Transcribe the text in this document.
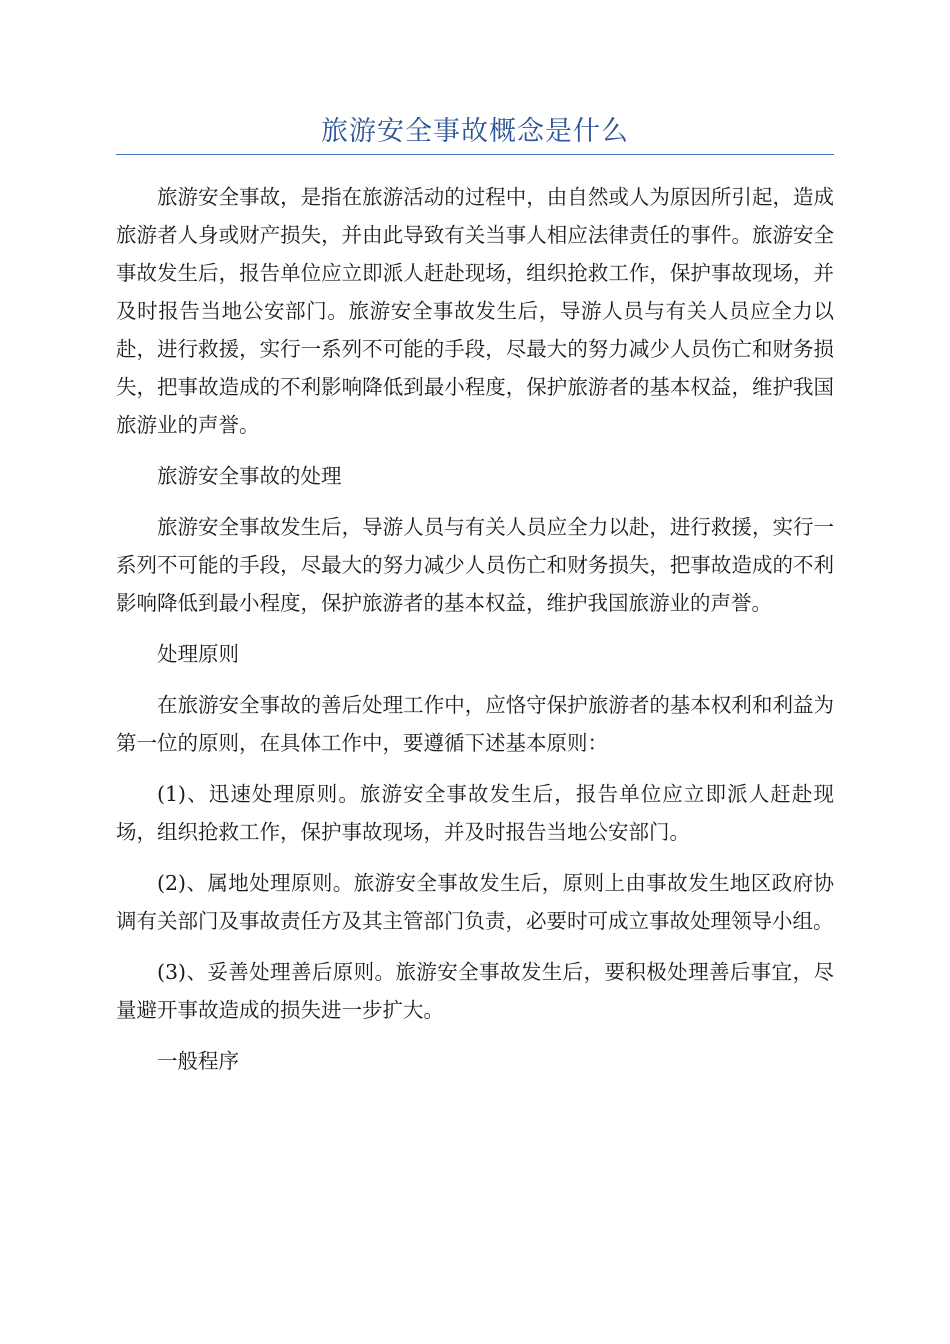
旅游安全事故概念是什么

旅游安全事故，是指在旅游活动的过程中，由自然或人为原因所引起，造成旅游者人身或财产损失，并由此导致有关当事人相应法律责任的事件。旅游安全事故发生后，报告单位应立即派人赶赴现场，组织抢救工作，保护事故现场，并及时报告当地公安部门。旅游安全事故发生后，导游人员与有关人员应全力以赴，进行救援，实行一系列不可能的手段，尽最大的努力减少人员伤亡和财务损失，把事故造成的不利影响降低到最小程度，保护旅游者的基本权益，维护我国旅游业的声誉。

旅游安全事故的处理

旅游安全事故发生后，导游人员与有关人员应全力以赴，进行救援，实行一系列不可能的手段，尽最大的努力减少人员伤亡和财务损失，把事故造成的不利影响降低到最小程度，保护旅游者的基本权益，维护我国旅游业的声誉。

处理原则

在旅游安全事故的善后处理工作中，应恪守保护旅游者的基本权利和利益为第一位的原则，在具体工作中，要遵循下述基本原则：

(1)、迅速处理原则。旅游安全事故发生后，报告单位应立即派人赶赴现场，组织抢救工作，保护事故现场，并及时报告当地公安部门。

(2)、属地处理原则。旅游安全事故发生后，原则上由事故发生地区政府协调有关部门及事故责任方及其主管部门负责，必要时可成立事故处理领导小组。

(3)、妥善处理善后原则。旅游安全事故发生后，要积极处理善后事宜，尽量避开事故造成的损失进一步扩大。

一般程序
